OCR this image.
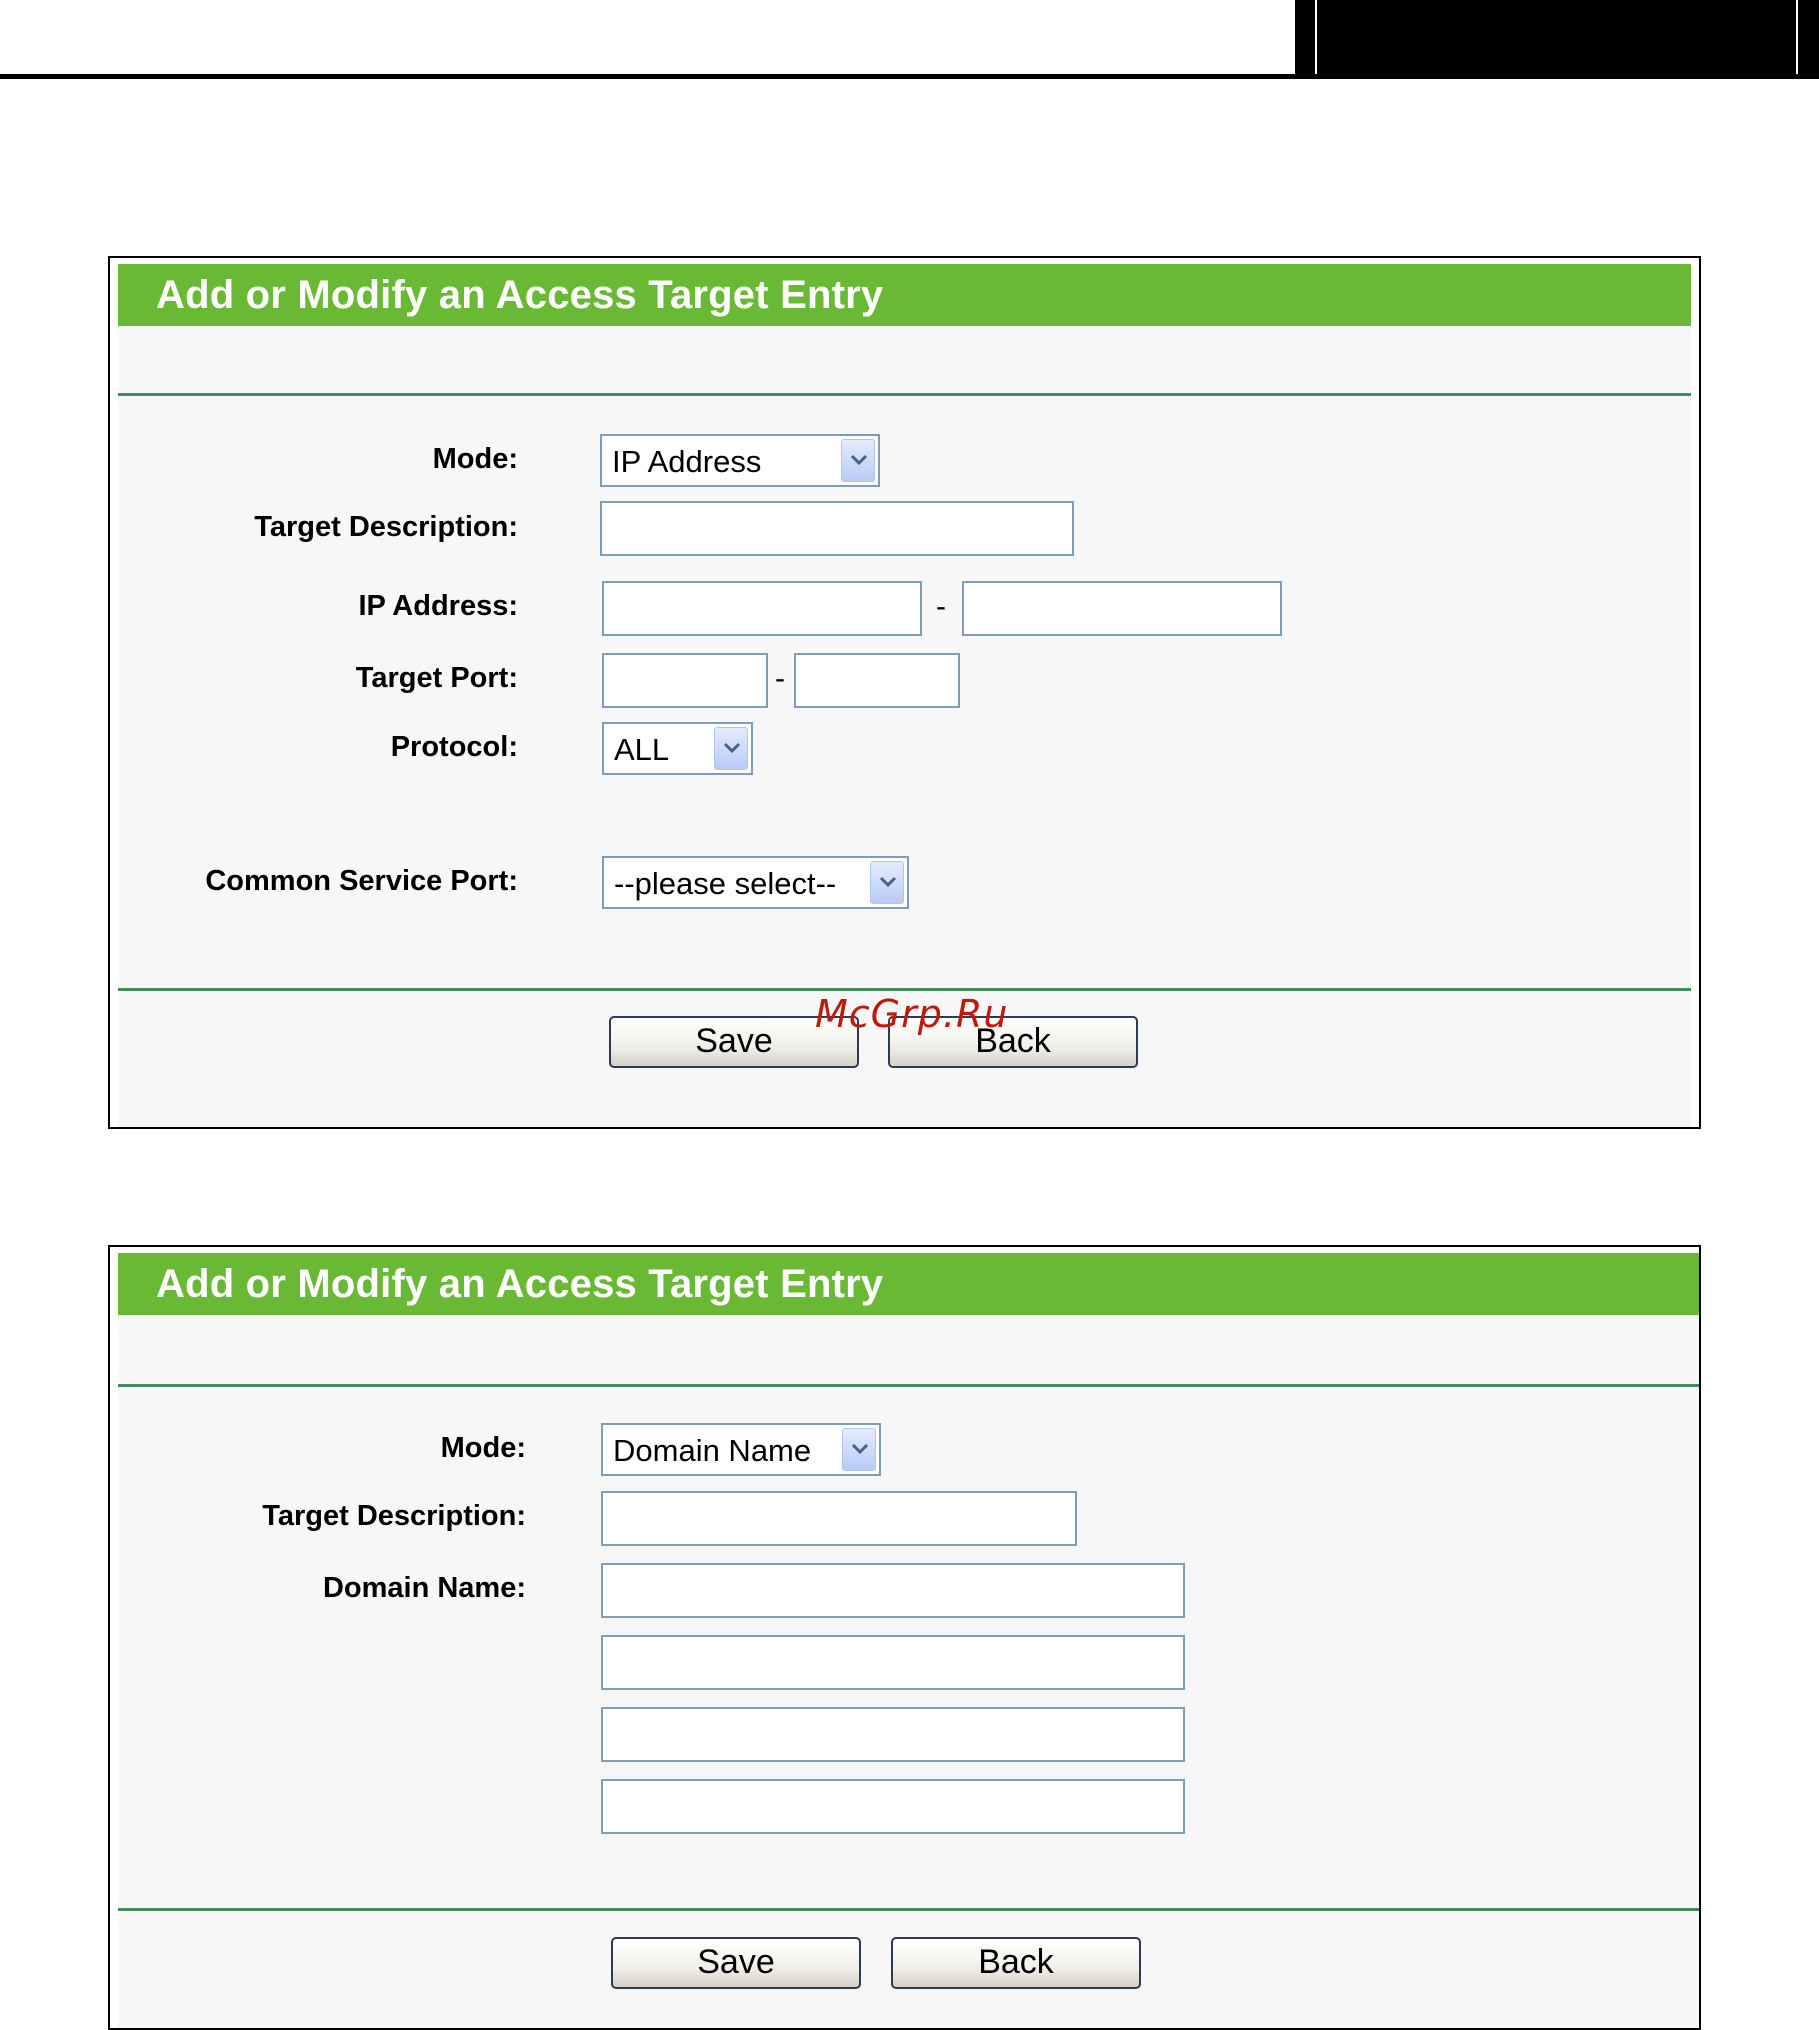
Add or Modify an Access Target Entry
Mode:	IP Address
Target Description:
IP Address:	-
Target Port:	-
Protocol:	ALL
Common Service Port:	--please select--
Save	Back
McGrp.Ru
Add or Modify an Access Target Entry
Mode:	Domain Name
Target Description:
Domain Name:
Save	Back
